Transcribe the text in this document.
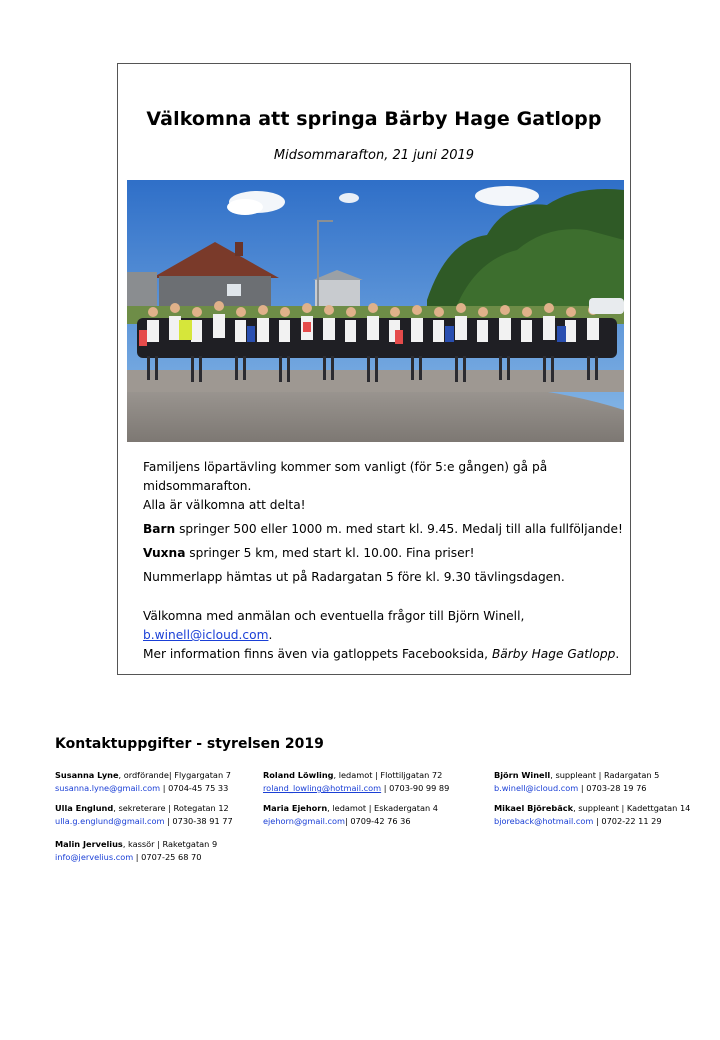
Välkomna att springa Bärby Hage Gatlopp
Midsommarafton, 21 juni 2019

Familjens löpartävling kommer som vanligt (för 5:e gången) gå på midsommarafton.
Alla är välkomna att delta!

Barn springer 500 eller 1000 m. med start kl. 9.45. Medalj till alla fullföljande!

Vuxna springer 5 km, med start kl. 10.00. Fina priser!

Nummerlapp hämtas ut på Radargatan 5 före kl. 9.30 tävlingsdagen.

Välkomna med anmälan och eventuella frågor till Björn Winell, b.winell@icloud.com.
Mer information finns även via gatloppets Facebooksida, Bärby Hage Gatlopp.

Kontaktuppgifter - styrelsen 2019
Susanna Lyne, ordförande| Flygargatan 7
susanna.lyne@gmail.com | 0704-45 75 33
Ulla Englund, sekreterare | Rotegatan 12
ulla.g.englund@gmail.com | 0730-38 91 77
Malin Jervelius, kassör | Raketgatan 9
info@jervelius.com | 0707-25 68 70
Roland Löwling, ledamot | Flottiljgatan 72
roland_lowling@hotmail.com | 0703-90 99 89
Maria Ejehorn, ledamot | Eskadergatan 4
ejehorn@gmail.com| 0709-42 76 36
Björn Winell, suppleant | Radargatan 5
b.winell@icloud.com | 0703-28 19 76
Mikael Björebäck, suppleant | Kadettgatan 14
bjoreback@hotmail.com | 0702-22 11 29
